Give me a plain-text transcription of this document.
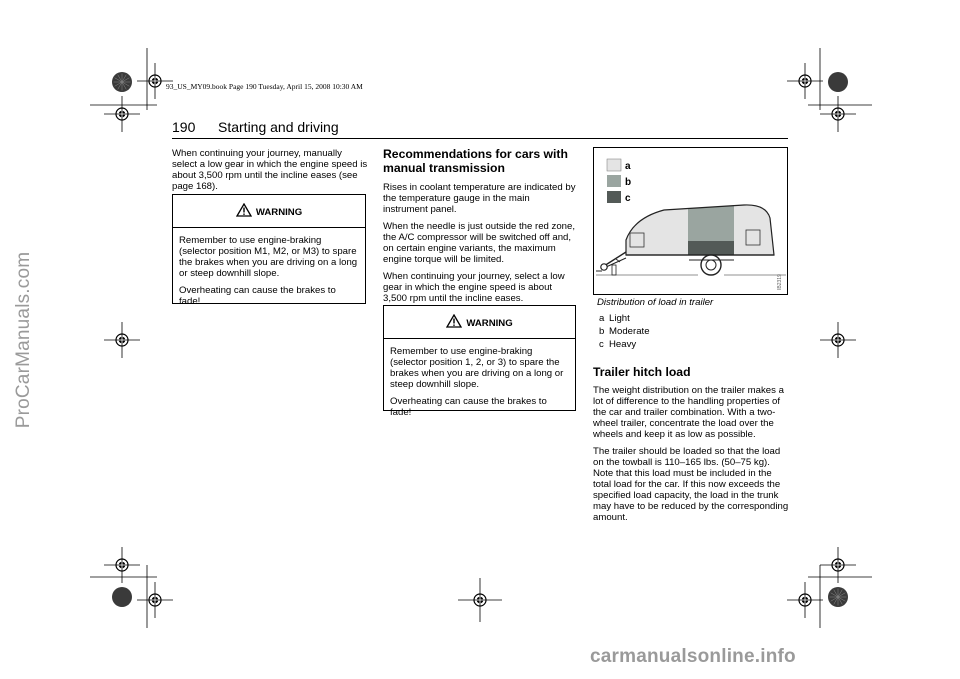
ProCarManuals.com
93_US_MY09.book Page 190 Tuesday, April 15, 2008 10:30 AM
190 Starting and driving

When continuing your journey, manually select a low gear in which the engine speed is about 3,500 rpm until the incline eases (see page 168).

WARNING

Remember to use engine-braking (selector position M1, M2, or M3) to spare the brakes when you are driving on a long or steep downhill slope.

Overheating can cause the brakes to fade!

Recommendations for cars with manual transmission

Rises in coolant temperature are indicated by the temperature gauge in the main instrument panel.

When the needle is just outside the red zone, the A/C compressor will be switched off and, on certain engine variants, the maximum engine torque will be limited.

When continuing your journey, select a low gear in which the engine speed is about 3,500 rpm until the incline eases.

WARNING

Remember to use engine-braking (selector position 1, 2, or 3) to spare the brakes when you are driving on a long or steep downhill slope.

Overheating can cause the brakes to fade!

a
b
c
IB2319
Distribution of load in trailer
a Light
b Moderate
c Heavy
Trailer hitch load

The weight distribution on the trailer makes a lot of difference to the handling properties of the car and trailer combination. With a two-wheel trailer, concentrate the load over the wheels and keep it as low as possible.

The trailer should be loaded so that the load on the towball is 110–165 lbs. (50–75 kg). Note that this load must be included in the total load for the car. If this now exceeds the specified load capacity, the load in the trunk may have to be reduced by the corresponding amount.

carmanualsonline.info
